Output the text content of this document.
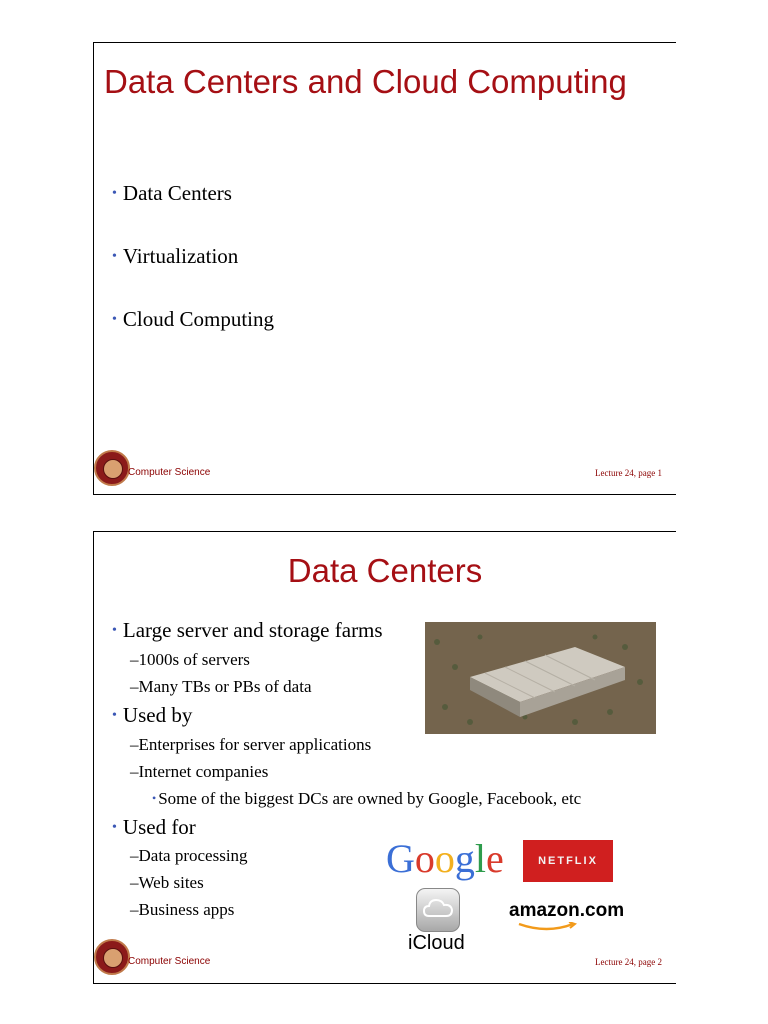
Data Centers and Cloud Computing
• Data Centers
• Virtualization
• Cloud Computing
Computer Science	Lecture 24, page 1
Data Centers
• Large server and storage farms
–1000s of servers
–Many TBs or PBs of data
• Used by
–Enterprises for server applications
–Internet companies
• Some of the biggest DCs are owned by Google, Facebook, etc
• Used for
–Data processing
–Web sites
–Business apps
Google	NETFLIX
iCloud
amazon.com
Computer Science	Lecture 24, page 2
